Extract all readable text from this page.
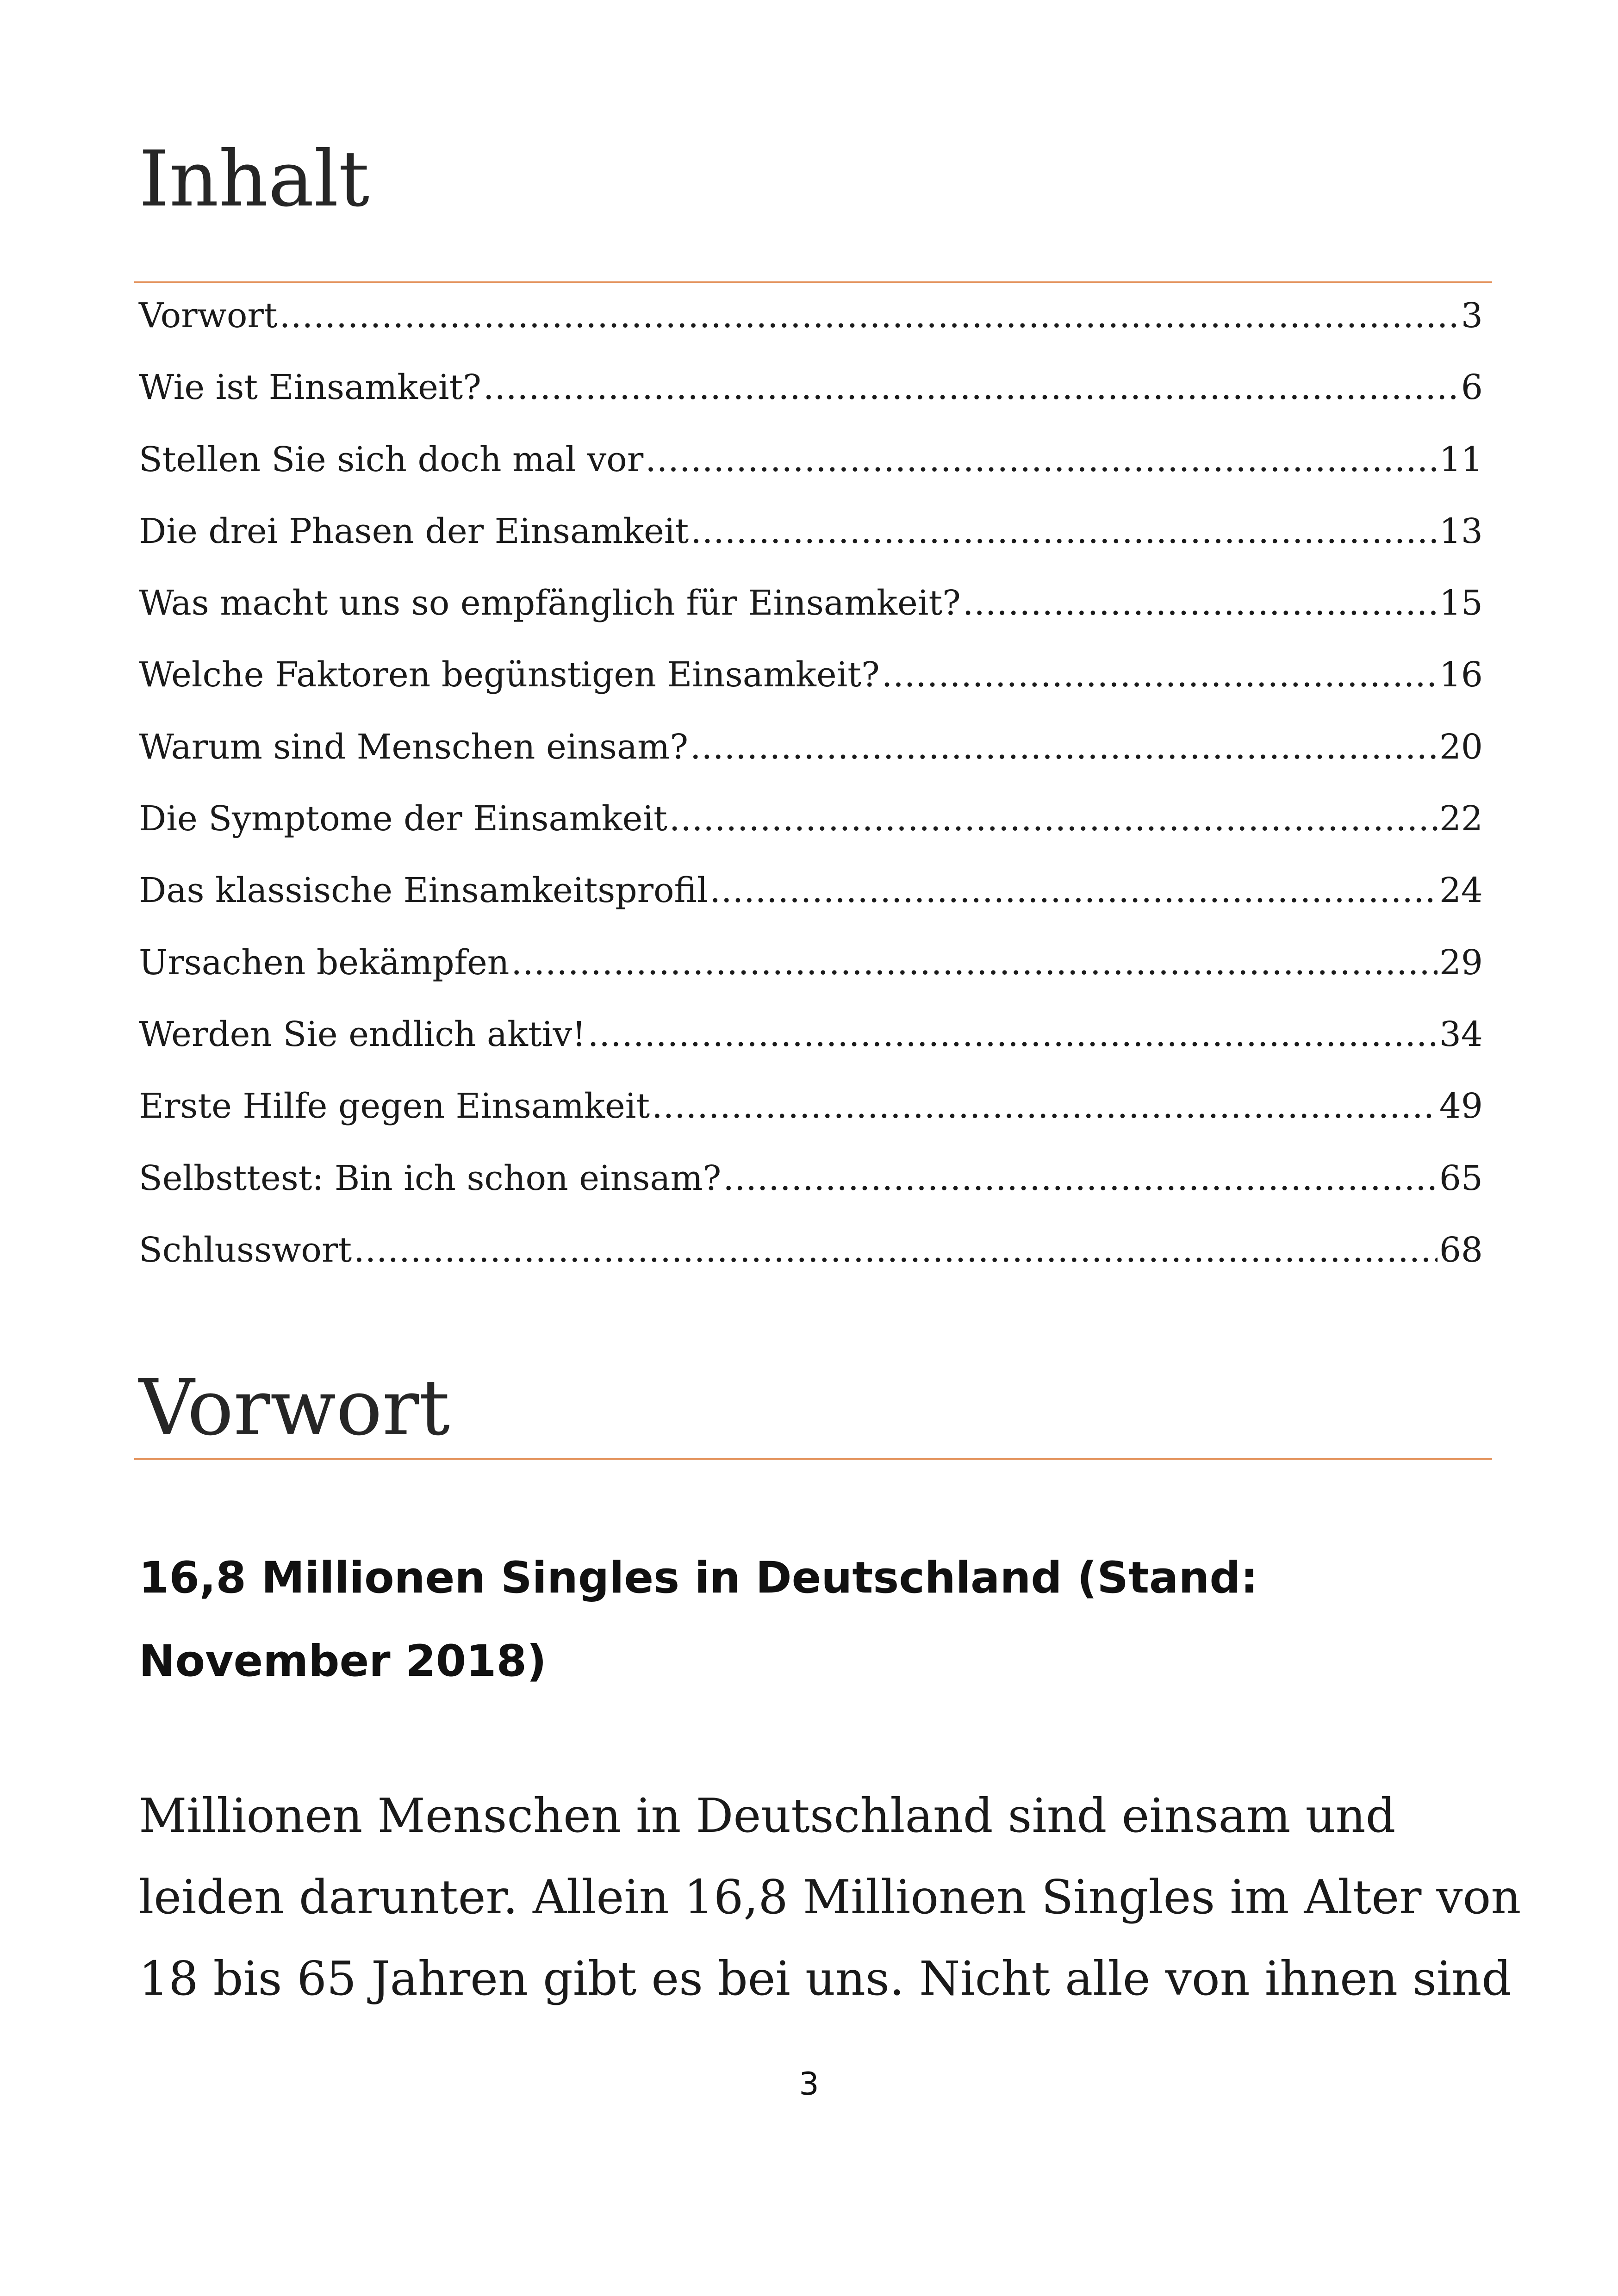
Inhalt
Vorwort .....	3
Wie ist Einsamkeit? .....	6
Stellen Sie sich doch mal vor .....	11
Die drei Phasen der Einsamkeit .....	13
Was macht uns so empfänglich für Einsamkeit? .....	15
Welche Faktoren begünstigen Einsamkeit? .....	16
Warum sind Menschen einsam? .....	20
Die Symptome der Einsamkeit .....	22
Das klassische Einsamkeitsprofil .....	24
Ursachen bekämpfen .....	29
Werden Sie endlich aktiv! .....	34
Erste Hilfe gegen Einsamkeit .....	49
Selbsttest: Bin ich schon einsam? .....	65
Schlusswort .....	68
Vorwort
16,8 Millionen Singles in Deutschland (Stand: November 2018)

Millionen Menschen in Deutschland sind einsam und
leiden darunter. Allein 16,8 Millionen Singles im Alter von
18 bis 65 Jahren gibt es bei uns. Nicht alle von ihnen sind

3
